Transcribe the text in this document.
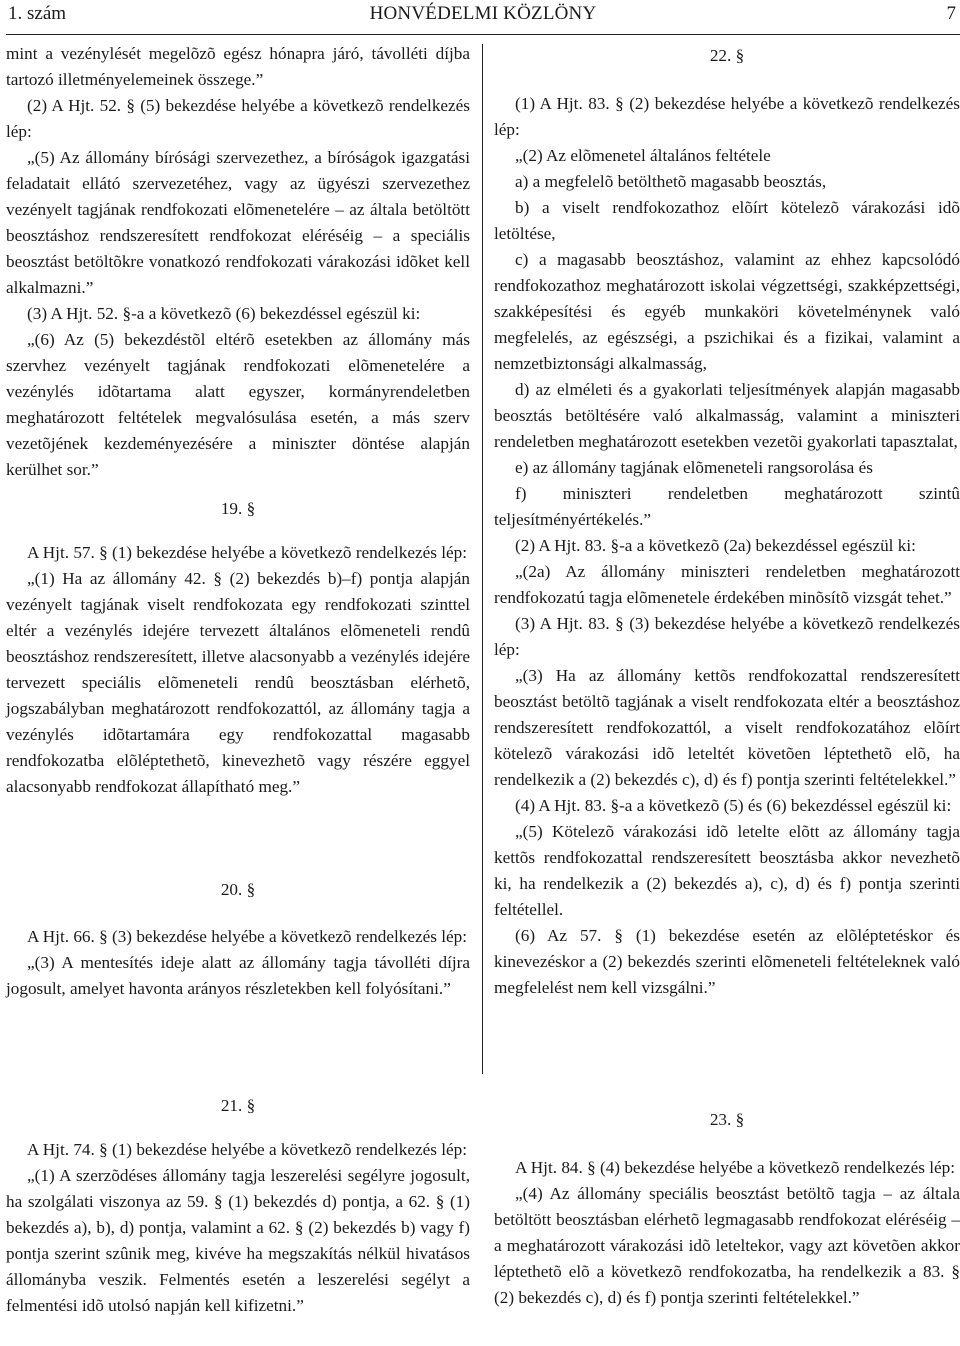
1. szám	HONVÉDELMI KÖZLÖNY	7

mint a vezénylését megelõzõ egész hónapra járó, távolléti díjba tartozó illetményelemeinek összege.”

(2) A Hjt. 52. § (5) bekezdése helyébe a következõ rendelkezés lép:

„(5) Az állomány bírósági szervezethez, a bíróságok igazgatási feladatait ellátó szervezetéhez, vagy az ügyészi szervezethez vezényelt tagjának rendfokozati elõmenetelére – az általa betöltött beosztáshoz rendszeresített rendfokozat eléréséig – a speciális beosztást betöltõkre vonatkozó rendfokozati várakozási idõket kell alkalmazni.”

(3) A Hjt. 52. §-a a következõ (6) bekezdéssel egészül ki:

„(6) Az (5) bekezdéstõl eltérõ esetekben az állomány más szervhez vezényelt tagjának rendfokozati elõmenetelére a vezénylés idõtartama alatt egyszer, kormányrendeletben meghatározott feltételek megvalósulása esetén, a más szerv vezetõjének kezdeményezésére a miniszter döntése alapján kerülhet sor.”

19. §

A Hjt. 57. § (1) bekezdése helyébe a következõ rendelkezés lép:

„(1) Ha az állomány 42. § (2) bekezdés b)–f) pontja alapján vezényelt tagjának viselt rendfokozata egy rendfokozati szinttel eltér a vezénylés idejére tervezett általános elõmeneteli rendû beosztáshoz rendszeresített, illetve alacsonyabb a vezénylés idejére tervezett speciális elõmeneteli rendû beosztásban elérhetõ, jogszabályban meghatározott rendfokozattól, az állomány tagja a vezénylés idõtartamára egy rendfokozattal magasabb rendfokozatba elõléptethetõ, kinevezhetõ vagy részére eggyel alacsonyabb rendfokozat állapítható meg.”

20. §

A Hjt. 66. § (3) bekezdése helyébe a következõ rendelkezés lép:

„(3) A mentesítés ideje alatt az állomány tagja távolléti díjra jogosult, amelyet havonta arányos részletekben kell folyósítani.”

21. §

A Hjt. 74. § (1) bekezdése helyébe a következõ rendelkezés lép:

„(1) A szerzõdéses állomány tagja leszerelési segélyre jogosult, ha szolgálati viszonya az 59. § (1) bekezdés d) pontja, a 62. § (1) bekezdés a), b), d) pontja, valamint a 62. § (2) bekezdés b) vagy f) pontja szerint szûnik meg, kivéve ha megszakítás nélkül hivatásos állományba veszik. Felmentés esetén a leszerelési segélyt a felmentési idõ utolsó napján kell kifizetni.”

22. §

(1) A Hjt. 83. § (2) bekezdése helyébe a következõ rendelkezés lép:

„(2) Az elõmenetel általános feltétele

a) a megfelelõ betölthetõ magasabb beosztás,

b) a viselt rendfokozathoz elõírt kötelezõ várakozási idõ letöltése,

c) a magasabb beosztáshoz, valamint az ehhez kapcsolódó rendfokozathoz meghatározott iskolai végzettségi, szakképzettségi, szakképesítési és egyéb munkaköri követelménynek való megfelelés, az egészségi, a pszichikai és a fizikai, valamint a nemzetbiztonsági alkalmasság,

d) az elméleti és a gyakorlati teljesítmények alapján magasabb beosztás betöltésére való alkalmasság, valamint a miniszteri rendeletben meghatározott esetekben vezetõi gyakorlati tapasztalat,

e) az állomány tagjának elõmeneteli rangsorolása és

f) miniszteri rendeletben meghatározott szintû teljesítményértékelés.”

(2) A Hjt. 83. §-a a következõ (2a) bekezdéssel egészül ki:

„(2a) Az állomány miniszteri rendeletben meghatározott rendfokozatú tagja elõmenetele érdekében minõsítõ vizsgát tehet.”

(3) A Hjt. 83. § (3) bekezdése helyébe a következõ rendelkezés lép:

„(3) Ha az állomány kettõs rendfokozattal rendszeresített beosztást betöltõ tagjának a viselt rendfokozata eltér a beosztáshoz rendszeresített rendfokozattól, a viselt rendfokozatához elõírt kötelezõ várakozási idõ leteltét követõen léptethetõ elõ, ha rendelkezik a (2) bekezdés c), d) és f) pontja szerinti feltételekkel.”

(4) A Hjt. 83. §-a a következõ (5) és (6) bekezdéssel egészül ki:

„(5) Kötelezõ várakozási idõ letelte elõtt az állomány tagja kettõs rendfokozattal rendszeresített beosztásba akkor nevezhetõ ki, ha rendelkezik a (2) bekezdés a), c), d) és f) pontja szerinti feltétellel.

(6) Az 57. § (1) bekezdése esetén az elõléptetéskor és kinevezéskor a (2) bekezdés szerinti elõmeneteli feltételeknek való megfelelést nem kell vizsgálni.”

23. §

A Hjt. 84. § (4) bekezdése helyébe a következõ rendelkezés lép:

„(4) Az állomány speciális beosztást betöltõ tagja – az általa betöltött beosztásban elérhetõ legmagasabb rendfokozat eléréséig – a meghatározott várakozási idõ leteltekor, vagy azt követõen akkor léptethetõ elõ a következõ rendfokozatba, ha rendelkezik a 83. § (2) bekezdés c), d) és f) pontja szerinti feltételekkel.”
